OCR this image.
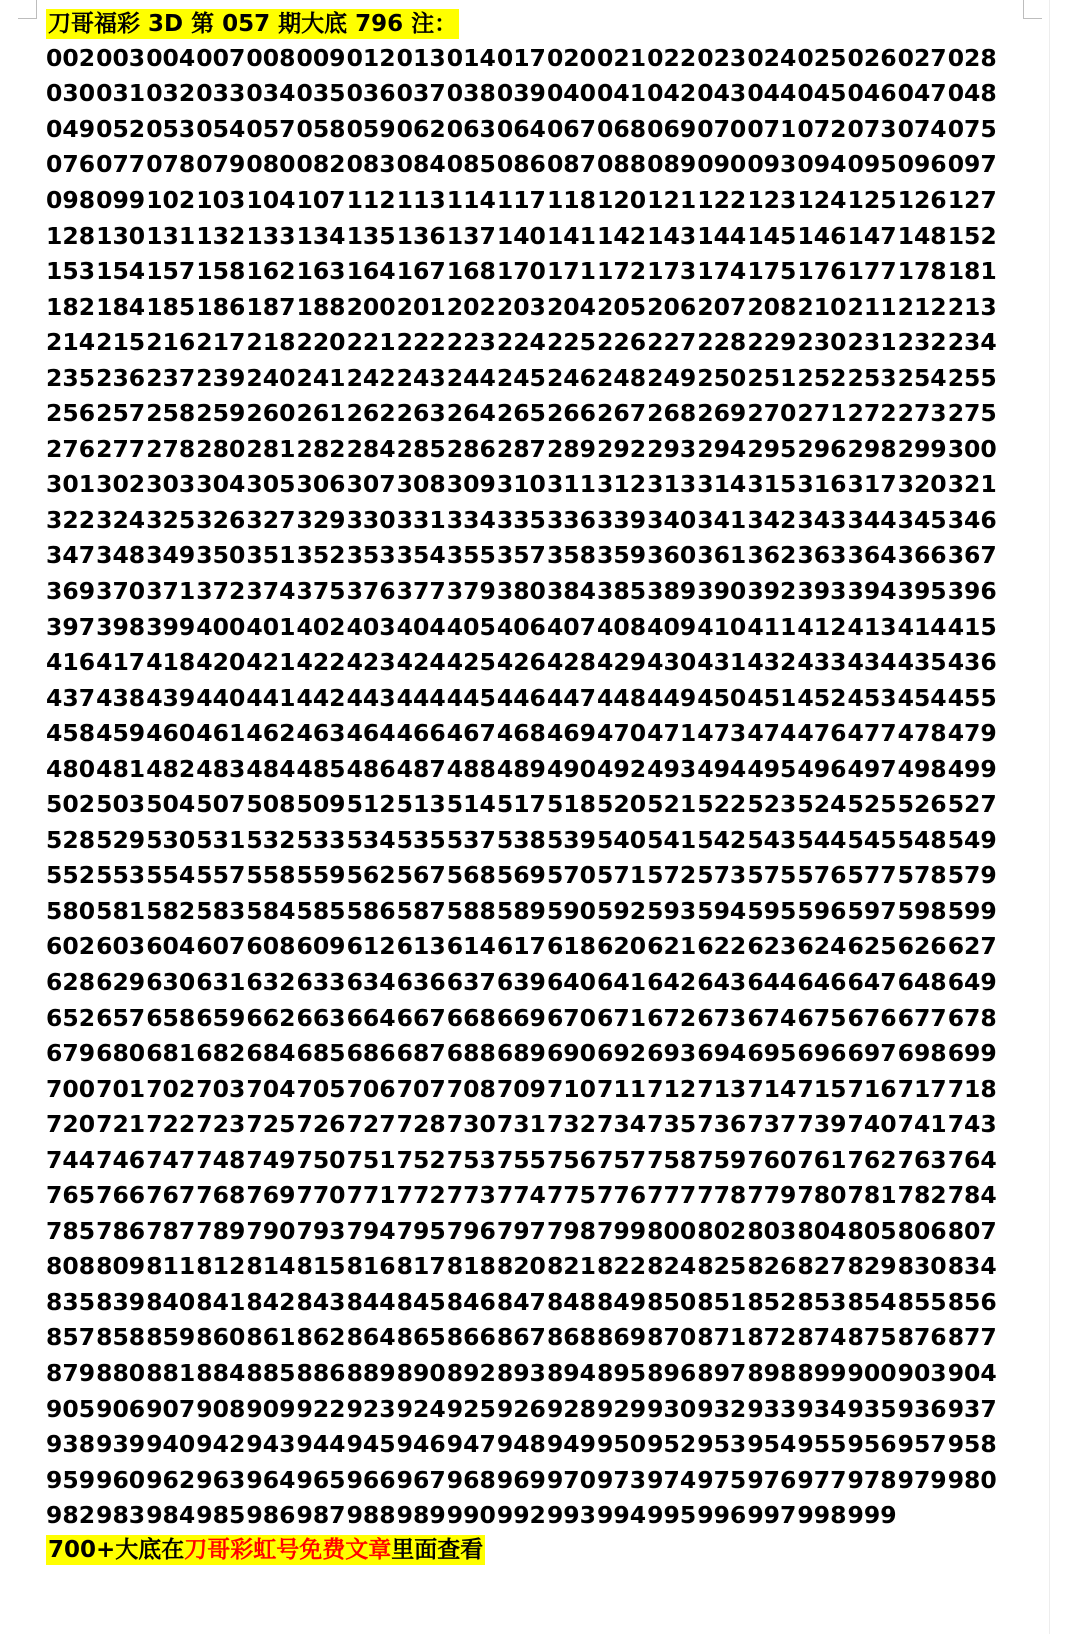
刀哥福彩 3D 第 057 期大底 796 注：
002 003 004 007 008 009 012 013 014 017 020 021 022 023 024 025 026 027 028
030 031 032 033 034 035 036 037 038 039 040 041 042 043 044 045 046 047 048
049 052 053 054 057 058 059 062 063 064 067 068 069 070 071 072 073 074 075
076 077 078 079 080 082 083 084 085 086 087 088 089 090 093 094 095 096 097
098 099 102 103 104 107 112 113 114 117 118 120 121 122 123 124 125 126 127
128 130 131 132 133 134 135 136 137 140 141 142 143 144 145 146 147 148 152
153 154 157 158 162 163 164 167 168 170 171 172 173 174 175 176 177 178 181
182 184 185 186 187 188 200 201 202 203 204 205 206 207 208 210 211 212 213
214 215 216 217 218 220 221 222 223 224 225 226 227 228 229 230 231 232 234
235 236 237 239 240 241 242 243 244 245 246 248 249 250 251 252 253 254 255
256 257 258 259 260 261 262 263 264 265 266 267 268 269 270 271 272 273 275
276 277 278 280 281 282 284 285 286 287 289 292 293 294 295 296 298 299 300
301 302 303 304 305 306 307 308 309 310 311 312 313 314 315 316 317 320 321
322 324 325 326 327 329 330 331 334 335 336 339 340 341 342 343 344 345 346
347 348 349 350 351 352 353 354 355 357 358 359 360 361 362 363 364 366 367
369 370 371 372 374 375 376 377 379 380 384 385 389 390 392 393 394 395 396
397 398 399 400 401 402 403 404 405 406 407 408 409 410 411 412 413 414 415
416 417 418 420 421 422 423 424 425 426 428 429 430 431 432 433 434 435 436
437 438 439 440 441 442 443 444 445 446 447 448 449 450 451 452 453 454 455
458 459 460 461 462 463 464 466 467 468 469 470 471 473 474 476 477 478 479
480 481 482 483 484 485 486 487 488 489 490 492 493 494 495 496 497 498 499
502 503 504 507 508 509 512 513 514 517 518 520 521 522 523 524 525 526 527
528 529 530 531 532 533 534 535 537 538 539 540 541 542 543 544 545 548 549
552 553 554 557 558 559 562 567 568 569 570 571 572 573 575 576 577 578 579
580 581 582 583 584 585 586 587 588 589 590 592 593 594 595 596 597 598 599
602 603 604 607 608 609 612 613 614 617 618 620 621 622 623 624 625 626 627
628 629 630 631 632 633 634 636 637 639 640 641 642 643 644 646 647 648 649
652 657 658 659 662 663 664 667 668 669 670 671 672 673 674 675 676 677 678
679 680 681 682 684 685 686 687 688 689 690 692 693 694 695 696 697 698 699
700 701 702 703 704 705 706 707 708 709 710 711 712 713 714 715 716 717 718
720 721 722 723 725 726 727 728 730 731 732 734 735 736 737 739 740 741 743
744 746 747 748 749 750 751 752 753 755 756 757 758 759 760 761 762 763 764
765 766 767 768 769 770 771 772 773 774 775 776 777 778 779 780 781 782 784
785 786 787 789 790 793 794 795 796 797 798 799 800 802 803 804 805 806 807
808 809 811 812 814 815 816 817 818 820 821 822 824 825 826 827 829 830 834
835 839 840 841 842 843 844 845 846 847 848 849 850 851 852 853 854 855 856
857 858 859 860 861 862 864 865 866 867 868 869 870 871 872 874 875 876 877
879 880 881 884 885 886 889 890 892 893 894 895 896 897 898 899 900 903 904
905 906 907 908 909 922 923 924 925 926 928 929 930 932 933 934 935 936 937
938 939 940 942 943 944 945 946 947 948 949 950 952 953 954 955 956 957 958
959 960 962 963 964 965 966 967 968 969 970 973 974 975 976 977 978 979 980
982 983 984 985 986 987 988 989 990 992 993 994 995 996 997 998 999
700+大底在刀哥彩虹号免费文章里面查看
